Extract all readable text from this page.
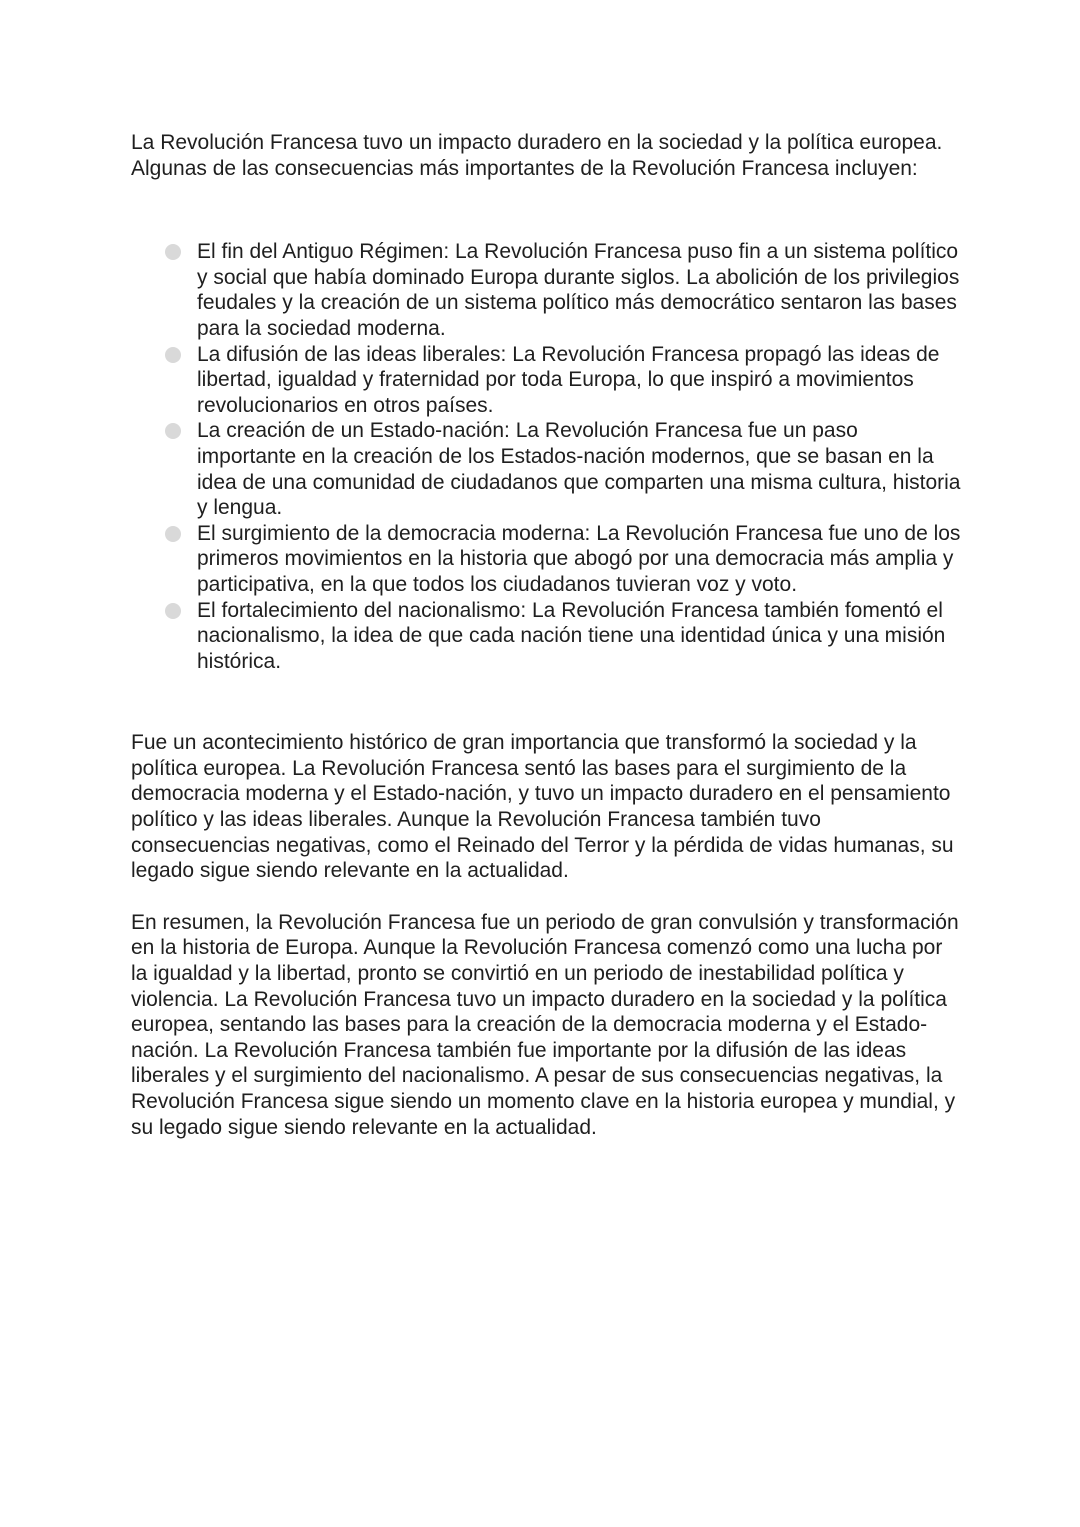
La Revolución Francesa tuvo un impacto duradero en la sociedad y la política europea. Algunas de las consecuencias más importantes de la Revolución Francesa incluyen:

El fin del Antiguo Régimen: La Revolución Francesa puso fin a un sistema político y social que había dominado Europa durante siglos. La abolición de los privilegios feudales y la creación de un sistema político más democrático sentaron las bases para la sociedad moderna.
La difusión de las ideas liberales: La Revolución Francesa propagó las ideas de libertad, igualdad y fraternidad por toda Europa, lo que inspiró a movimientos revolucionarios en otros países.
La creación de un Estado-nación: La Revolución Francesa fue un paso importante en la creación de los Estados-nación modernos, que se basan en la idea de una comunidad de ciudadanos que comparten una misma cultura, historia y lengua.
El surgimiento de la democracia moderna: La Revolución Francesa fue uno de los primeros movimientos en la historia que abogó por una democracia más amplia y participativa, en la que todos los ciudadanos tuvieran voz y voto.
El fortalecimiento del nacionalismo: La Revolución Francesa también fomentó el nacionalismo, la idea de que cada nación tiene una identidad única y una misión histórica.

Fue un acontecimiento histórico de gran importancia que transformó la sociedad y la política europea. La Revolución Francesa sentó las bases para el surgimiento de la democracia moderna y el Estado-nación, y tuvo un impacto duradero en el pensamiento político y las ideas liberales. Aunque la Revolución Francesa también tuvo consecuencias negativas, como el Reinado del Terror y la pérdida de vidas humanas, su legado sigue siendo relevante en la actualidad.

En resumen, la Revolución Francesa fue un periodo de gran convulsión y transformación en la historia de Europa. Aunque la Revolución Francesa comenzó como una lucha por la igualdad y la libertad, pronto se convirtió en un periodo de inestabilidad política y violencia. La Revolución Francesa tuvo un impacto duradero en la sociedad y la política europea, sentando las bases para la creación de la democracia moderna y el Estado-nación. La Revolución Francesa también fue importante por la difusión de las ideas liberales y el surgimiento del nacionalismo. A pesar de sus consecuencias negativas, la Revolución Francesa sigue siendo un momento clave en la historia europea y mundial, y su legado sigue siendo relevante en la actualidad.
